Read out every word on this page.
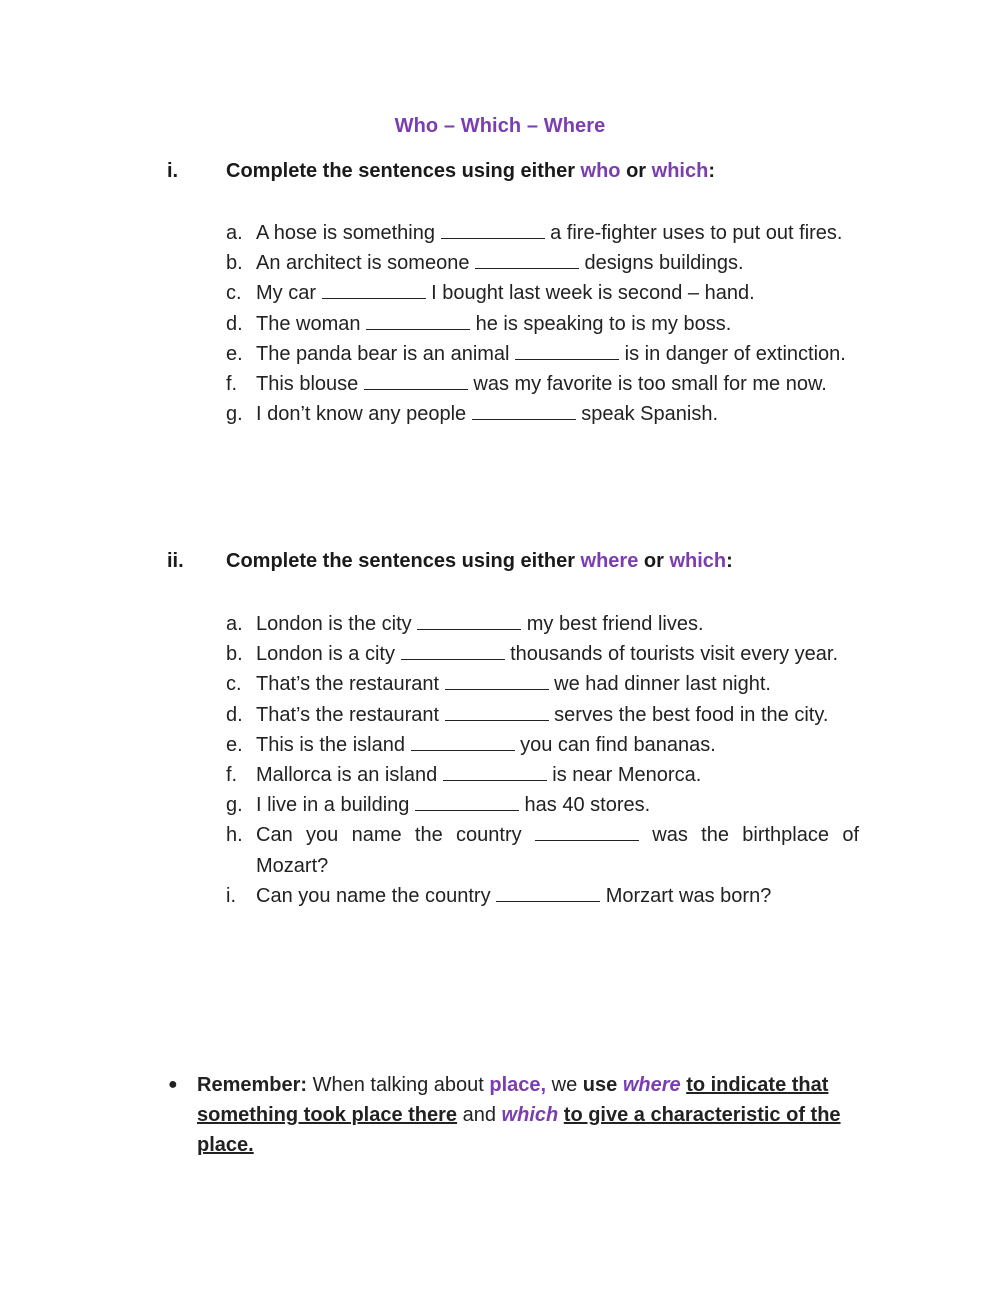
Who – Which – Where
i. Complete the sentences using either who or which:
a. A hose is something	a fire-fighter uses to put out fires.
b. An architect is someone	designs buildings.
c. My car	I bought last week is second – hand.
d. The woman	he is speaking to is my boss.
e. The panda bear is an animal	is in danger of extinction.
f. This blouse	was my favorite is too small for me now.
g. I don’t know any people	speak Spanish.
ii. Complete the sentences using either where or which:
a. London is the city	my best friend lives.
b. London is a city	thousands of tourists visit every year.
c. That’s the restaurant	we had dinner last night.
d. That’s the restaurant	serves the best food in the city.
e. This is the island	you can find bananas.
f. Mallorca is an island	is near Menorca.
g. I live in a building	has 40 stores.
h. Can you name the country	was the birthplace of Mozart?
i. Can you name the country	Morzart was born?
● Remember: When talking about place, we use where to indicate that something took place there and which to give a characteristic of the place.
